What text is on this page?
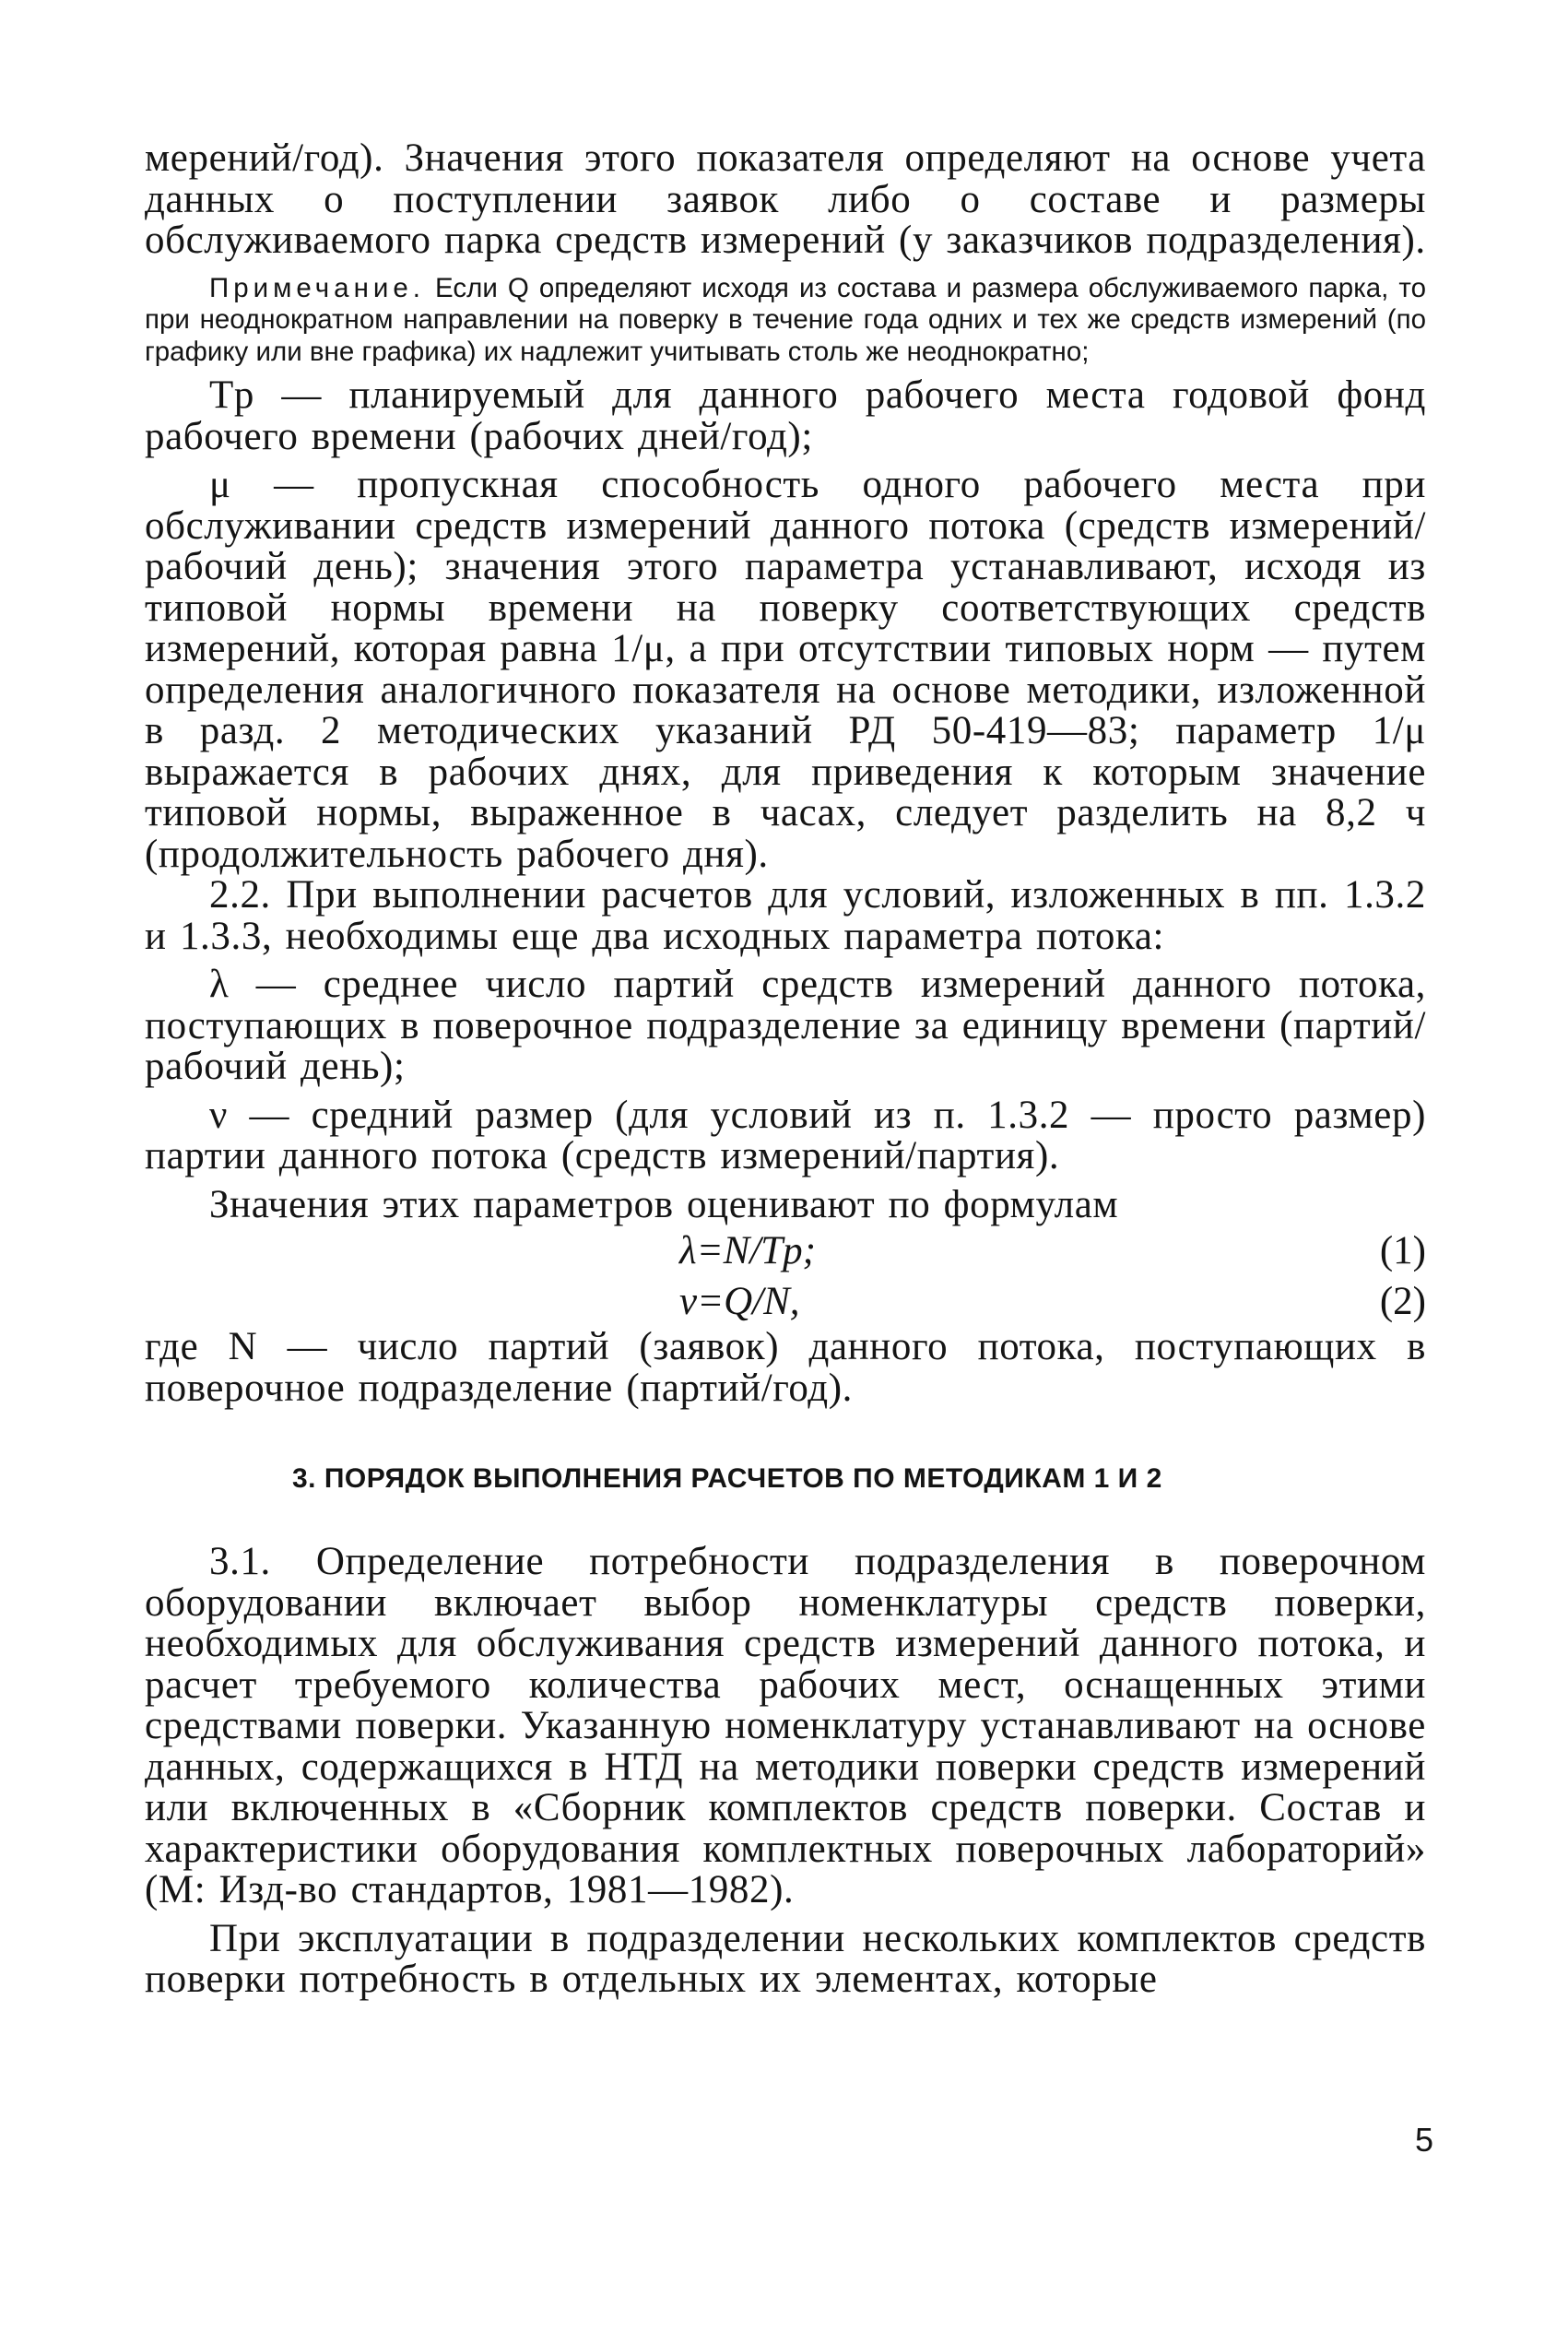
мерений/год). Значения этого показателя определяют на основе учета данных о поступлении заявок либо о составе и размеры обслуживаемого парка средств измерений (у заказчиков подразделения).

Примечание. Если Q определяют исходя из состава и размера обслуживаемого парка, то при неоднократном направлении на поверку в течение года одних и тех же средств измерений (по графику или вне графика) их надлежит учитывать столь же неоднократно;

Tр — планируемый для данного рабочего места годовой фонд рабочего времени (рабочих дней/год);

μ — пропускная способность одного рабочего места при обслуживании средств измерений данного потока (средств измерений/рабочий день); значения этого параметра устанавливают, исходя из типовой нормы времени на поверку соответствующих средств измерений, которая равна 1/μ, а при отсутствии типовых норм — путем определения аналогичного показателя на основе методики, изложенной в разд. 2 методических указаний РД 50-419—83; параметр 1/μ выражается в рабочих днях, для приведения к которым значение типовой нормы, выраженное в часах, следует разделить на 8,2 ч (продолжительность рабочего дня).

2.2. При выполнении расчетов для условий, изложенных в пп. 1.3.2 и 1.3.3, необходимы еще два исходных параметра потока:

λ — среднее число партий средств измерений данного потока, поступающих в поверочное подразделение за единицу времени (партий/рабочий день);

ν — средний размер (для условий из п. 1.3.2 — просто размер) партии данного потока (средств измерений/партия).

Значения этих параметров оценивают по формулам

λ=N/Tр;	(1)
ν=Q/N,	(2)

где N — число партий (заявок) данного потока, поступающих в поверочное подразделение (партий/год).

3. ПОРЯДОК ВЫПОЛНЕНИЯ РАСЧЕТОВ ПО МЕТОДИКАМ 1 И 2

3.1. Определение потребности подразделения в поверочном оборудовании включает выбор номенклатуры средств поверки, необходимых для обслуживания средств измерений данного потока, и расчет требуемого количества рабочих мест, оснащенных этими средствами поверки. Указанную номенклатуру устанавливают на основе данных, содержащихся в НТД на методики поверки средств измерений или включенных в «Сборник комплектов средств поверки. Состав и характеристики оборудования комплектных поверочных лабораторий» (М: Изд-во стандартов, 1981—1982).

При эксплуатации в подразделении нескольких комплектов средств поверки потребность в отдельных их элементах, которые

5
